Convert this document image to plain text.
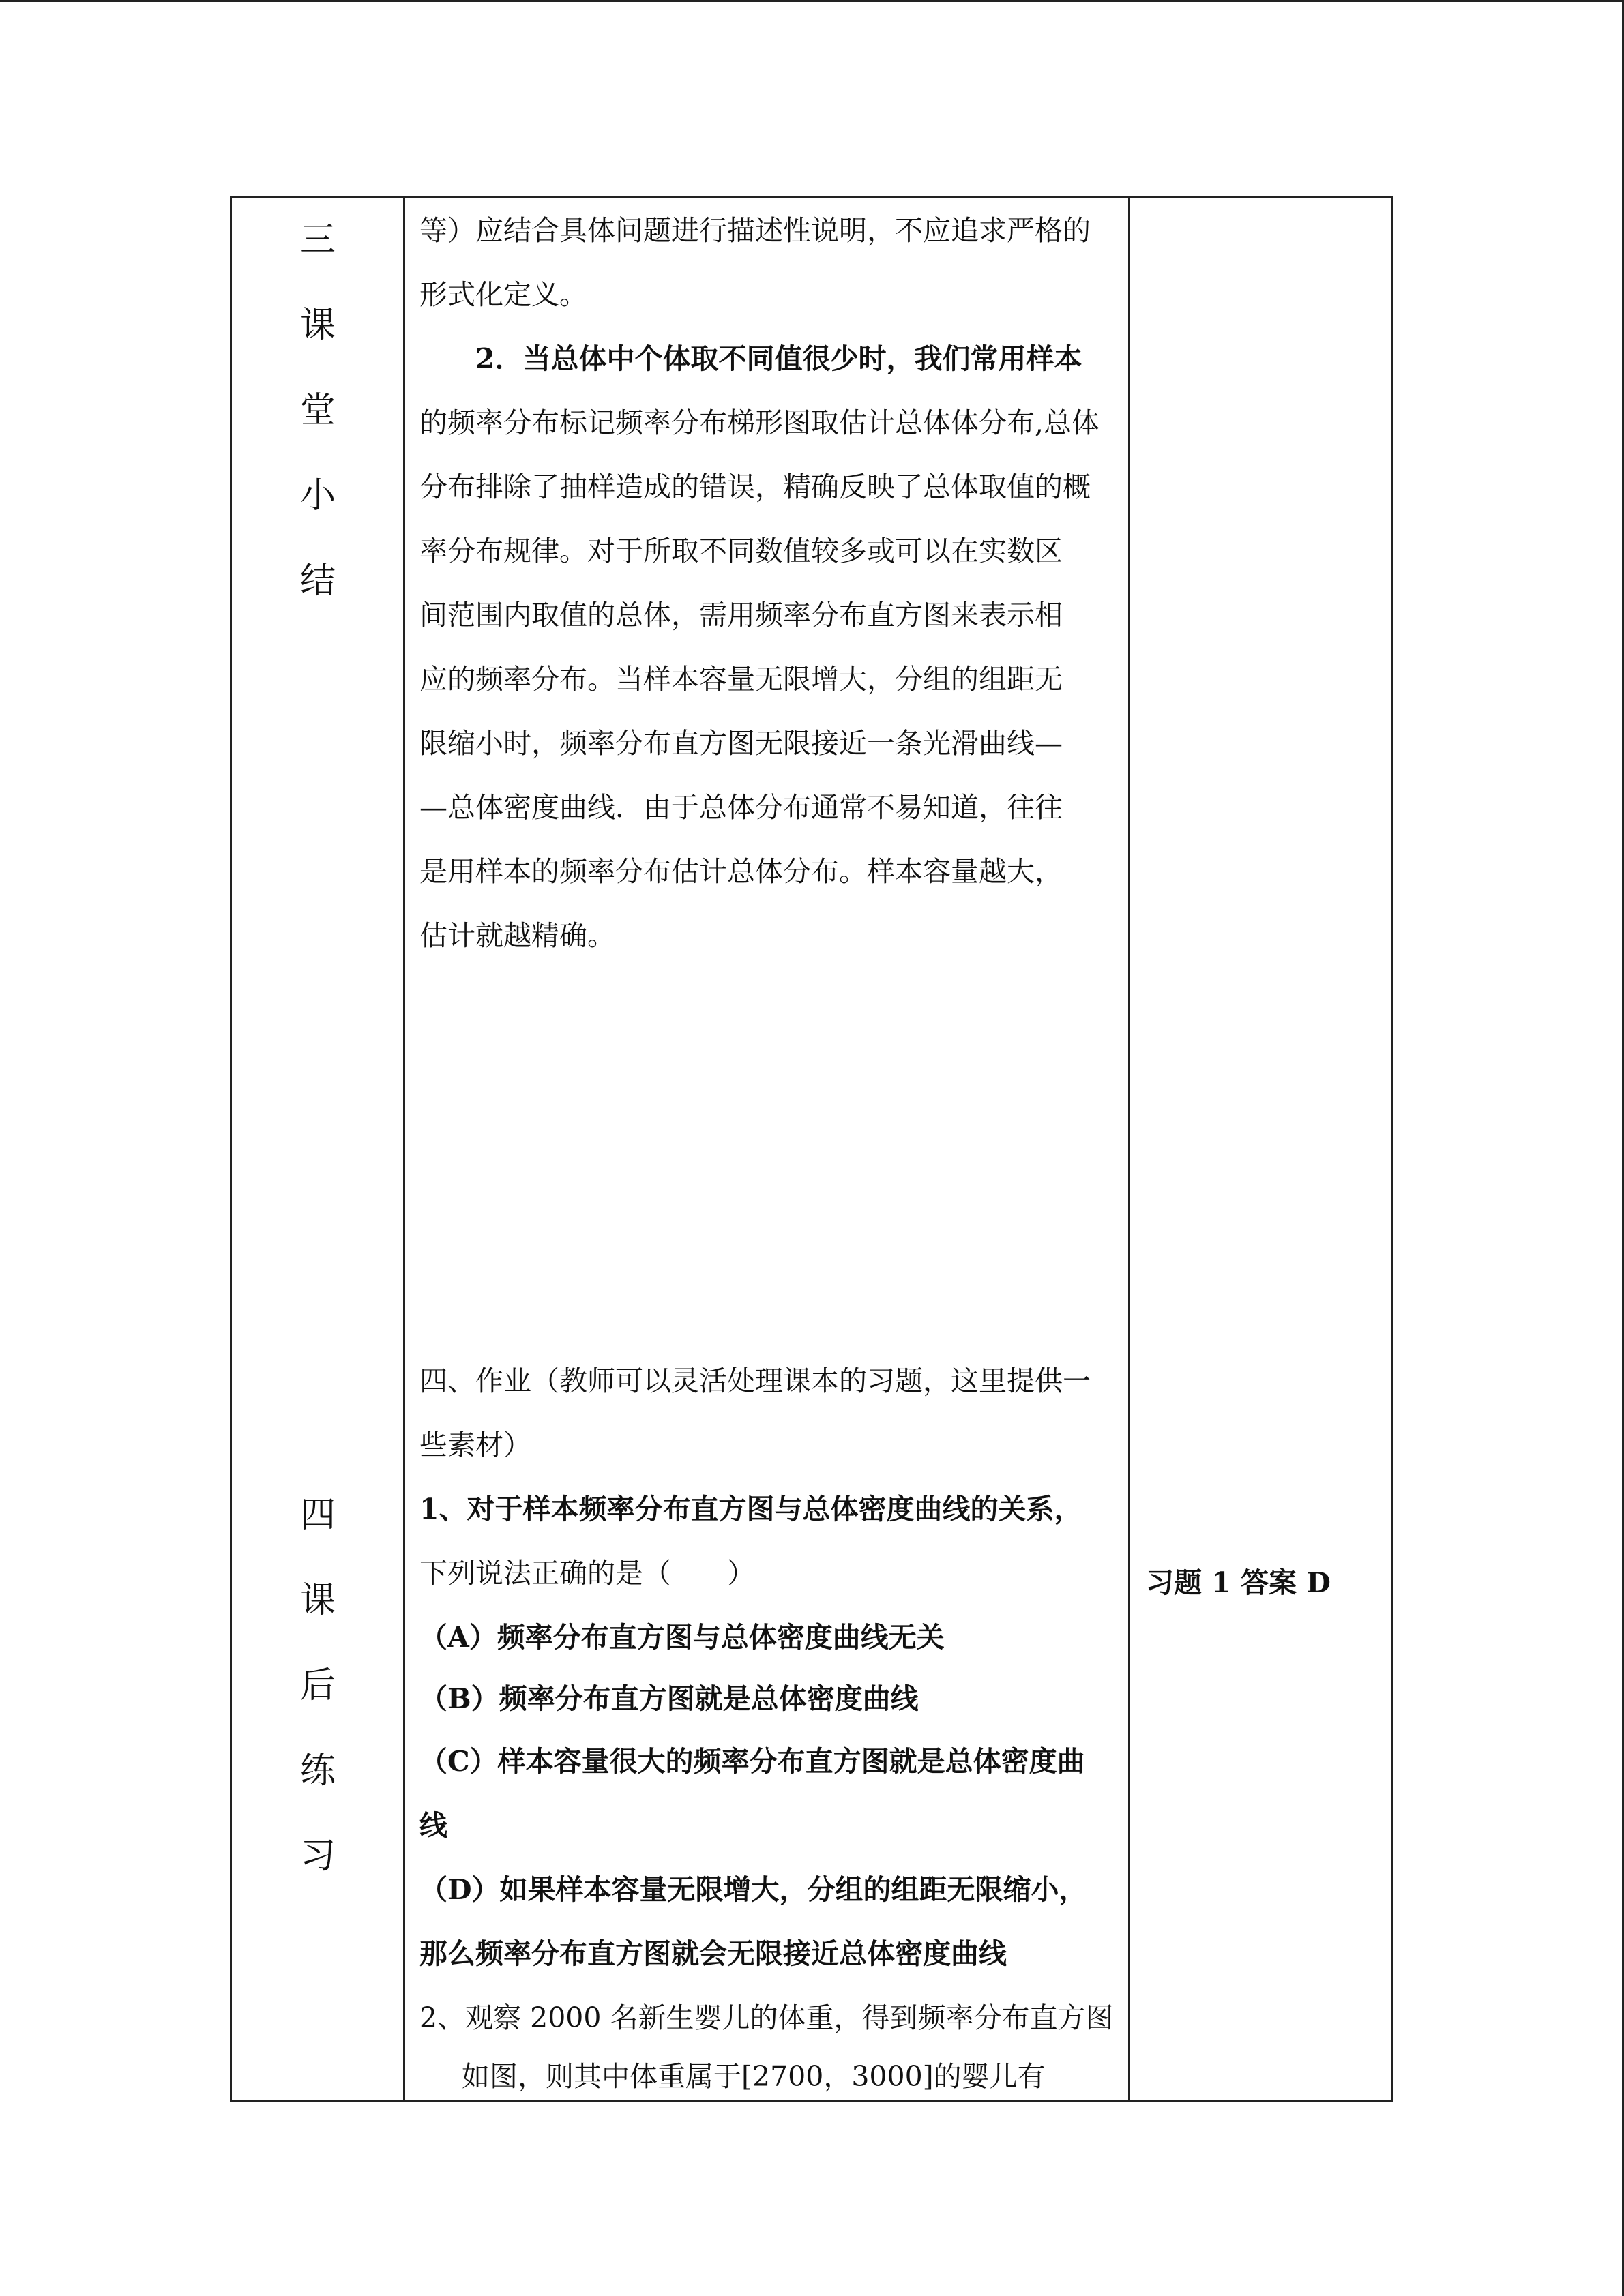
三
课
堂
小
结
等）应结合具体问题进行描述性说明，不应追求严格的
形式化定义。
2．当总体中个体取不同值很少时，我们常用样本
的频率分布标记频率分布梯形图取估计总体体分布,总体
分布排除了抽样造成的错误，精确反映了总体取值的概
率分布规律。对于所取不同数值较多或可以在实数区
间范围内取值的总体，需用频率分布直方图来表示相
应的频率分布。当样本容量无限增大，分组的组距无
限缩小时，频率分布直方图无限接近一条光滑曲线—
—总体密度曲线．由于总体分布通常不易知道，往往
是用样本的频率分布估计总体分布。样本容量越大，
估计就越精确。
四
课
后
练
习
四、作业（教师可以灵活处理课本的习题，这里提供一
些素材）
1、对于样本频率分布直方图与总体密度曲线的关系，
下列说法正确的是（　　）
（A）频率分布直方图与总体密度曲线无关
（B）频率分布直方图就是总体密度曲线
（C）样本容量很大的频率分布直方图就是总体密度曲
线
（D）如果样本容量无限增大，分组的组距无限缩小，
那么频率分布直方图就会无限接近总体密度曲线
2、观察 2000 名新生婴儿的体重，得到频率分布直方图
如图，则其中体重属于[2700，3000]的婴儿有
习题 1 答案 D
